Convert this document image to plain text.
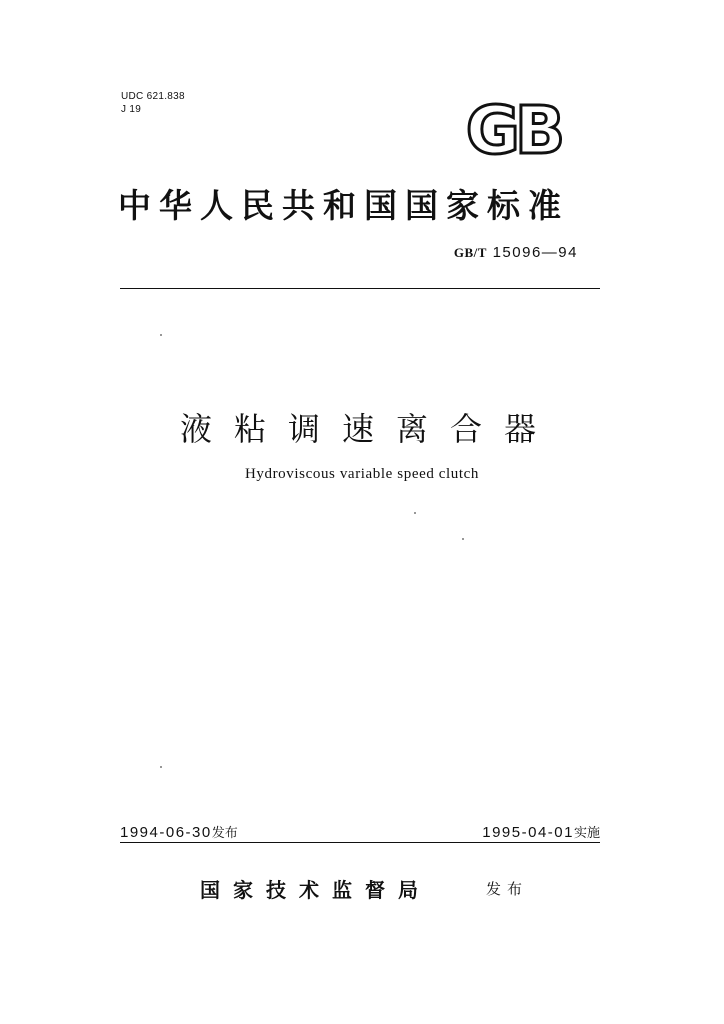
UDC 621.838
J 19	GB
中华人民共和国国家标准
GB/T 15096—94
液粘调速离合器
Hydroviscous variable speed clutch
1994-06-30发布	1995-04-01实施
国家技术监督局	发布
